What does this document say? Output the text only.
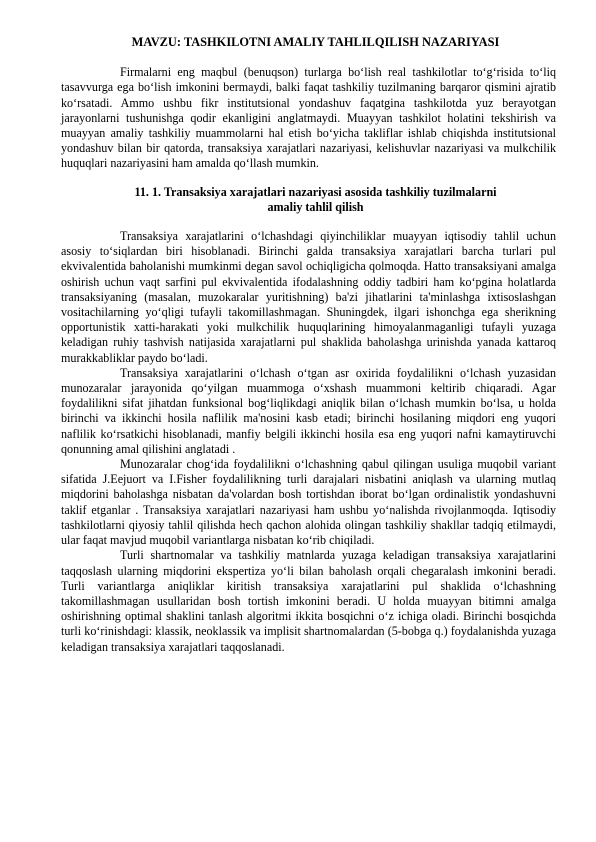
MAVZU: TASHKILOTNI AMALIY TAHLILQILISH NAZARIYASI

Firmalarni eng maqbul (benuqson) turlarga bo‘lish real tashkilotlar to‘g‘risida to‘liq tasavvurga ega bo‘lish imkonini bermaydi, balki faqat tashkiliy tuzilmaning barqaror qismini ajratib ko‘rsatadi. Ammo ushbu fikr institutsional yondashuv faqatgina tashkilotda yuz berayotgan jarayonlarni tushunishga qodir ekanligini anglatmaydi. Muayyan tashkilot holatini tekshirish va muayyan amaliy tashkiliy muammolarni hal etish bo‘yicha takliflar ishlab chiqishda institutsional yondashuv bilan bir qatorda, transaksiya xarajatlari nazariyasi, kelishuvlar nazariyasi va mulkchilik huquqlari nazariyasini ham amalda qo‘llash mumkin.

11. 1. Transaksiya xarajatlari nazariyasi asosida tashkiliy tuzilmalarni
amaliy tahlil qilish

Transaksiya xarajatlarini o‘lchashdagi qiyinchiliklar muayyan iqtisodiy tahlil uchun asosiy to‘siqlardan biri hisoblanadi. Birinchi galda transaksiya xarajatlari barcha turlari pul ekvivalentida baholanishi mumkinmi degan savol ochiqligicha qolmoqda. Hatto transaksiyani amalga oshirish uchun vaqt sarfini pul ekvivalentida ifodalashning oddiy tadbiri ham ko‘pgina holatlarda transaksiyaning (masalan, muzokaralar yuritishning) ba'zi jihatlarini ta'minlashga ixtisoslashgan vositachilarning yo‘qligi tufayli takomillashmagan. Shuningdek, ilgari ishonchga ega sherikning opportunistik xatti-harakati yoki mulkchilik huquqlarining himoyalanmaganligi tufayli yuzaga keladigan ruhiy tashvish natijasida xarajatlarni pul shaklida baholashga urinishda yanada kattaroq murakkabliklar paydo bo‘ladi.

Transaksiya xarajatlarini o‘lchash o‘tgan asr oxirida foydalilikni o‘lchash yuzasidan munozaralar jarayonida qo‘yilgan muammoga o‘xshash muammoni keltirib chiqaradi. Agar foydalilikni sifat jihatdan funksional bog‘liqlikdagi aniqlik bilan o‘lchash mumkin bo‘lsa, u holda birinchi va ikkinchi hosila naflilik ma'nosini kasb etadi; birinchi hosilaning miqdori eng yuqori naflilik ko‘rsatkichi hisoblanadi, manfiy belgili ikkinchi hosila esa eng yuqori nafni kamaytiruvchi qonunning amal qilishini anglatadi .

Munozaralar chog‘ida foydalilikni o‘lchashning qabul qilingan usuliga muqobil variant sifatida J.Eejuort va I.Fisher foydalilikning turli darajalari nisbatini aniqlash va ularning mutlaq miqdorini baholashga nisbatan da'volardan bosh tortishdan iborat bo‘lgan ordinalistik yondashuvni taklif etganlar . Transaksiya xarajatlari nazariyasi ham ushbu yo‘nalishda rivojlanmoqda. Iqtisodiy tashkilotlarni qiyosiy tahlil qilishda hech qachon alohida olingan tashkiliy shakllar tadqiq etilmaydi, ular faqat mavjud muqobil variantlarga nisbatan ko‘rib chiqiladi.

Turli shartnomalar va tashkiliy matnlarda yuzaga keladigan transaksiya xarajatlarini taqqoslash ularning miqdorini ekspertiza yo‘li bilan baholash orqali chegaralash imkonini beradi. Turli variantlarga aniqliklar kiritish transaksiya xarajatlarini pul shaklida o‘lchashning takomillashmagan usullaridan bosh tortish imkonini beradi. U holda muayyan bitimni amalga oshirishning optimal shaklini tanlash algoritmi ikkita bosqichni o‘z ichiga oladi. Birinchi bosqichda turli ko‘rinishdagi: klassik, neoklassik va implisit shartnomalardan (5-bobga q.) foydalanishda yuzaga keladigan transaksiya xarajatlari taqqoslanadi.
